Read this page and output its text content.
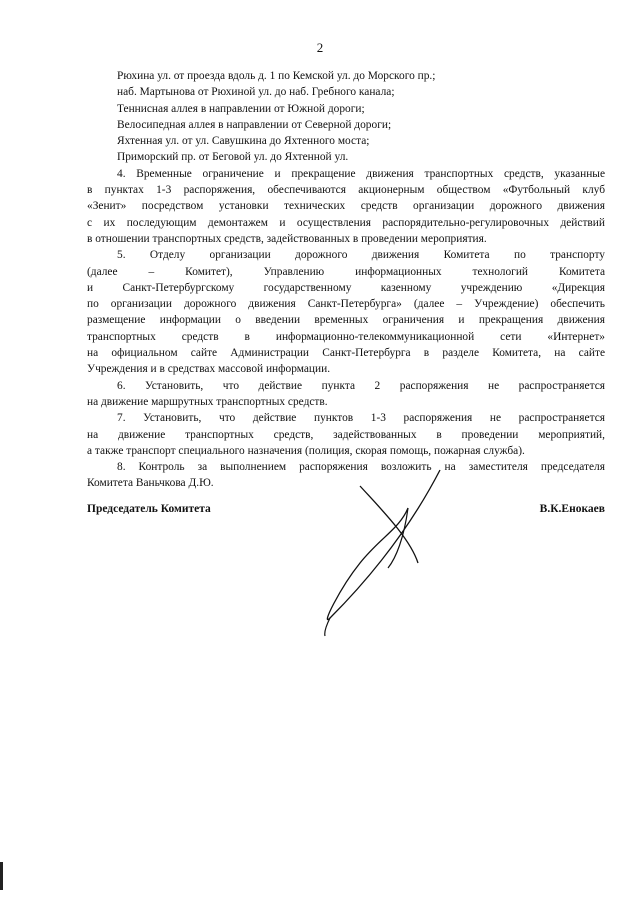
2
Рюхина ул. от проезда вдоль д. 1 по Кемской ул. до Морского пр.;
наб. Мартынова от Рюхиной ул. до наб. Гребного канала;
Теннисная аллея в направлении от Южной дороги;
Велосипедная аллея в направлении от Северной дороги;
Яхтенная ул. от ул. Савушкина до Яхтенного моста;
Приморский пр. от Беговой ул. до Яхтенной ул.
4. Временные ограничение и прекращение движения транспортных средств, указанные
в пунктах 1-3 распоряжения, обеспечиваются акционерным обществом «Футбольный клуб
«Зенит» посредством установки технических средств организации дорожного движения
с их последующим демонтажем и осуществления распорядительно-регулировочных действий
в отношении транспортных средств, задействованных в проведении мероприятия.
5. Отделу организации дорожного движения Комитета по транспорту
(далее – Комитет), Управлению информационных технологий Комитета
и Санкт-Петербургскому государственному казенному учреждению «Дирекция
по организации дорожного движения Санкт-Петербурга» (далее – Учреждение) обеспечить
размещение информации о введении временных ограничения и прекращения движения
транспортных средств в информационно-телекоммуникационной сети «Интернет»
на официальном сайте Администрации Санкт-Петербурга в разделе Комитета, на сайте
Учреждения и в средствах массовой информации.
6. Установить, что действие пункта 2 распоряжения не распространяется
на движение маршрутных транспортных средств.
7. Установить, что действие пунктов 1-3 распоряжения не распространяется
на движение транспортных средств, задействованных в проведении мероприятий,
а также транспорт специального назначения (полиция, скорая помощь, пожарная служба).
8. Контроль за выполнением распоряжения возложить на заместителя председателя
Комитета Ваньчкова Д.Ю.
Председатель Комитета	В.К.Енокаев
